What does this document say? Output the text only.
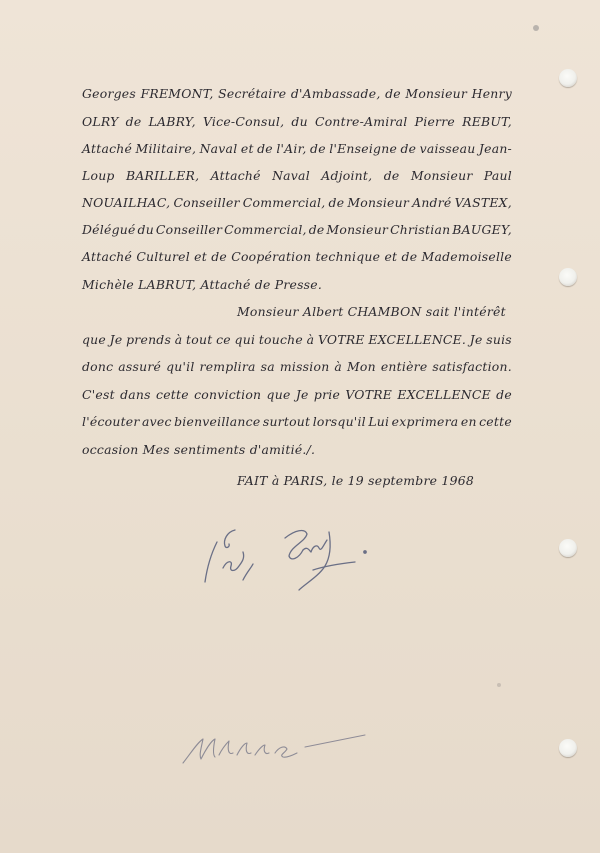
Georges FREMONT, Secrétaire d'Ambassade, de Monsieur Henry
OLRY de LABRY, Vice-Consul, du Contre-Amiral Pierre REBUT,
Attaché Militaire, Naval et de l'Air, de l'Enseigne de vaisseau Jean-
Loup BARILLER, Attaché Naval Adjoint, de Monsieur Paul
NOUAILHAC, Conseiller Commercial, de Monsieur André VASTEX,
Délégué du Conseiller Commercial, de Monsieur Christian BAUGEY,
Attaché Culturel et de Coopération technique et de Mademoiselle
Michèle LABRUT, Attaché de Presse.
Monsieur Albert CHAMBON sait l'intérêt
que Je prends à tout ce qui touche à VOTRE EXCELLENCE. Je suis
donc assuré qu'il remplira sa mission à Mon entière satisfaction.
C'est dans cette conviction que Je prie VOTRE EXCELLENCE de
l'écouter avec bienveillance surtout lorsqu'il Lui exprimera en cette
occasion Mes sentiments d'amitié./.
FAIT à PARIS, le 19 septembre 1968
